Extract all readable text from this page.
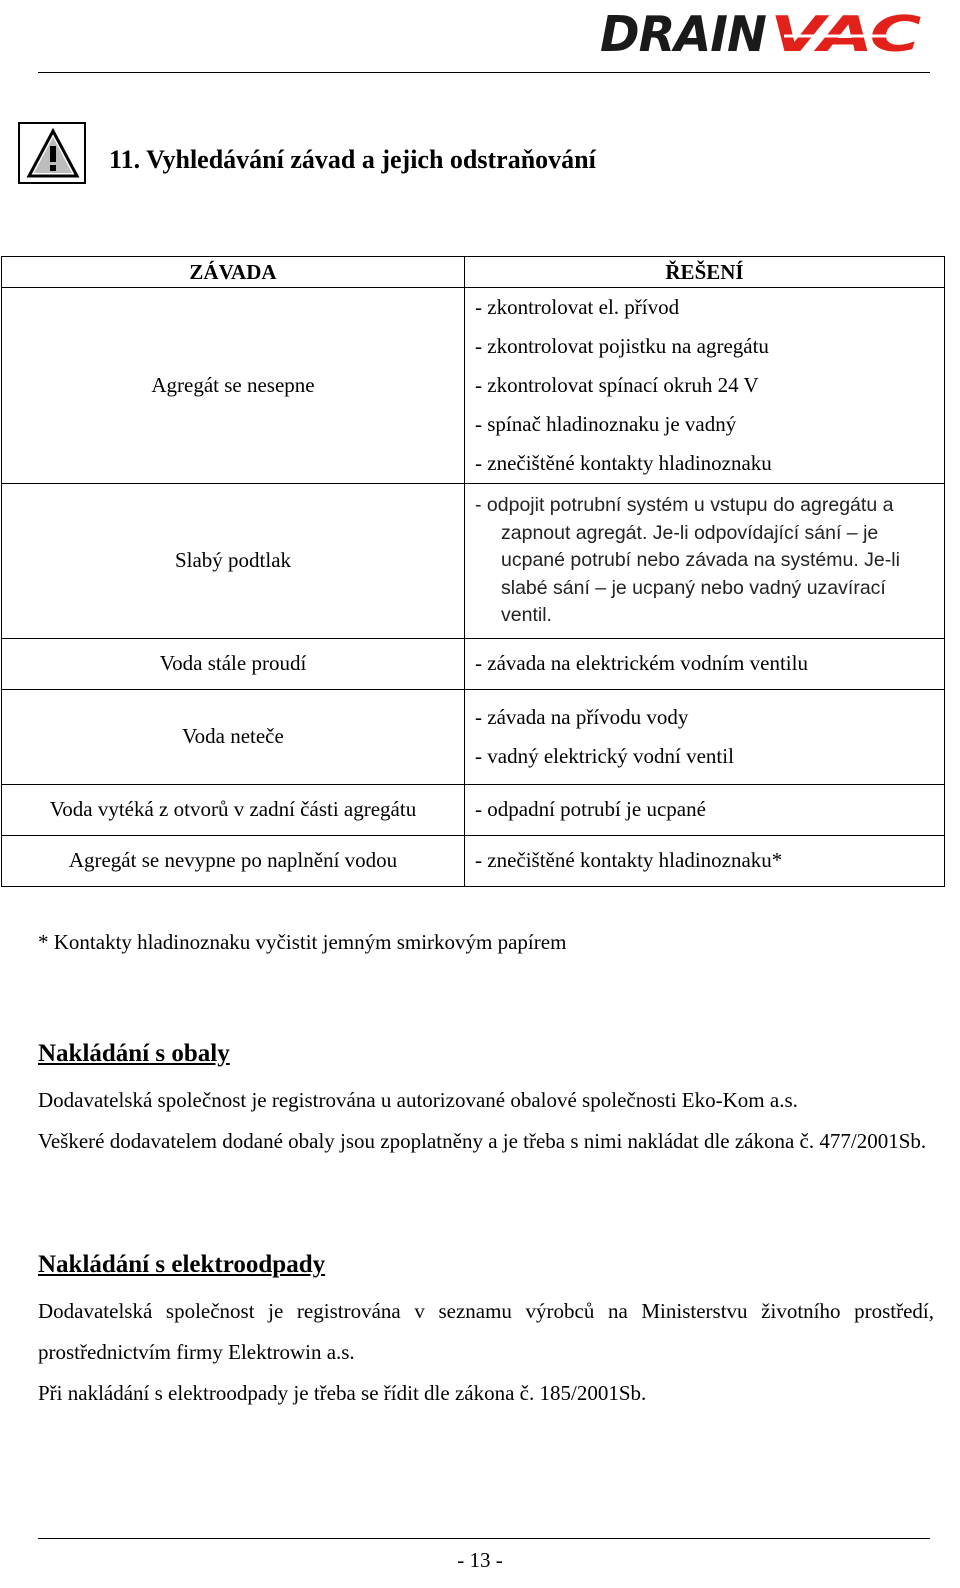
DRAIN VAC
11. Vyhledávání závad a jejich odstraňování
ZÁVADA	ŘEŠENÍ
Agregát se nesepne	- zkontrolovat el. přívod
- zkontrolovat pojistku na agregátu
- zkontrolovat spínací okruh 24 V
- spínač hladinoznaku je vadný
- znečištěné kontakty hladinoznaku

Slabý podtlak	- odpojit potrubní systém u vstupu do agregátu a zapnout agregát. Je-li odpovídající sání – je ucpané potrubí nebo závada na systému. Je-li slabé sání – je ucpaný nebo vadný uzavírací ventil.

Voda stále proudí	- závada na elektrickém vodním ventilu

Voda neteče	- závada na přívodu vody
- vadný elektrický vodní ventil

Voda vytéká z otvorů v zadní části agregátu	- odpadní potrubí je ucpané

Agregát se nevypne po naplnění vodou	- znečištěné kontakty hladinoznaku*
* Kontakty hladinoznaku vyčistit jemným smirkovým papírem
Nakládání s obaly

Dodavatelská společnost je registrována u autorizované obalové společnosti Eko-Kom a.s.

Veškeré dodavatelem dodané obaly jsou zpoplatněny a je třeba s nimi nakládat dle zákona č. 477/2001Sb.

Nakládání s elektroodpady

Dodavatelská společnost je registrována v seznamu výrobců na Ministerstvu životního prostředí, prostřednictvím firmy Elektrowin a.s.

Při nakládání s elektroodpady je třeba se řídit dle zákona č. 185/2001Sb.

- 13 -
